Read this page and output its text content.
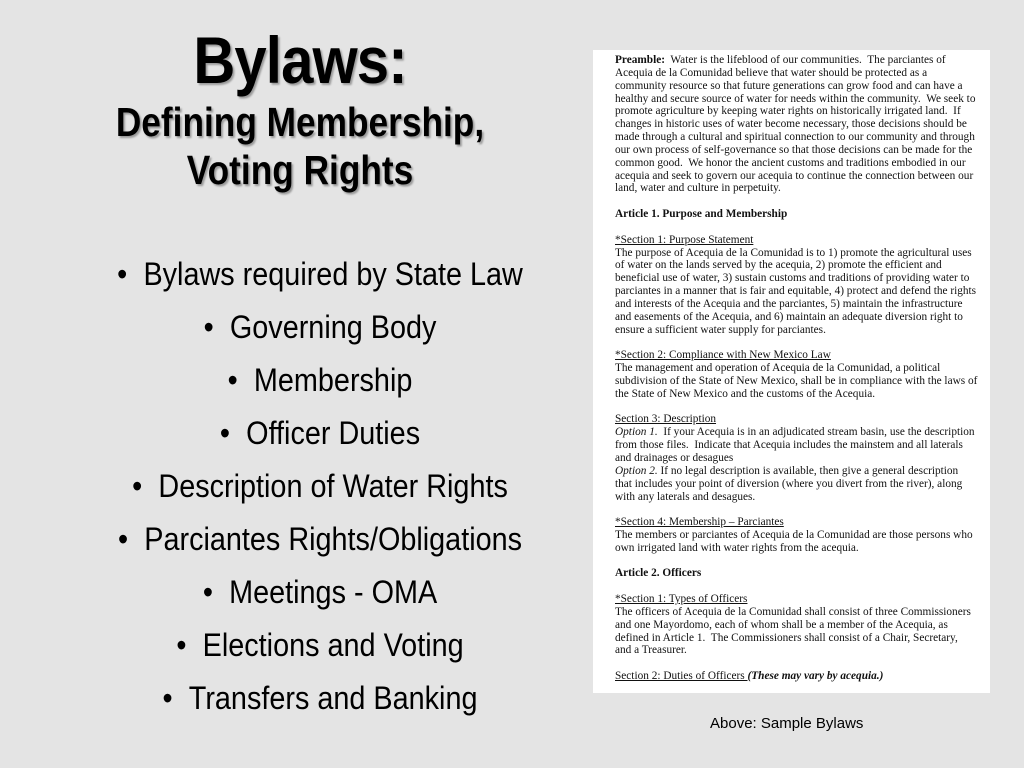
Bylaws:

Defining Membership,

Voting Rights

• Bylaws required by State Law
• Governing Body
• Membership
• Officer Duties
• Description of Water Rights
• Parciantes Rights/Obligations
• Meetings - OMA
• Elections and Voting
• Transfers and Banking
Preamble:  Water is the lifeblood of our communities.  The parciantes of
Acequia de la Comunidad believe that water should be protected as a
community resource so that future generations can grow food and can have a
healthy and secure source of water for needs within the community.  We seek to
promote agriculture by keeping water rights on historically irrigated land.  If
changes in historic uses of water become necessary, those decisions should be
made through a cultural and spiritual connection to our community and through
our own process of self-governance so that those decisions can be made for the
common good.  We honor the ancient customs and traditions embodied in our
acequia and seek to govern our acequia to continue the connection between our
land, water and culture in perpetuity.
Article 1. Purpose and Membership
*Section 1: Purpose Statement
The purpose of Acequia de la Comunidad is to 1) promote the agricultural uses
of water on the lands served by the acequia, 2) promote the efficient and
beneficial use of water, 3) sustain customs and traditions of providing water to
parciantes in a manner that is fair and equitable, 4) protect and defend the rights
and interests of the Acequia and the parciantes, 5) maintain the infrastructure
and easements of the Acequia, and 6) maintain an adequate diversion right to
ensure a sufficient water supply for parciantes.
*Section 2: Compliance with New Mexico Law
The management and operation of Acequia de la Comunidad, a political
subdivision of the State of New Mexico, shall be in compliance with the laws of
the State of New Mexico and the customs of the Acequia.
Section 3: Description
Option 1.  If your Acequia is in an adjudicated stream basin, use the description
from those files.  Indicate that Acequia includes the mainstem and all laterals
and drainages or desagues
Option 2. If no legal description is available, then give a general description
that includes your point of diversion (where you divert from the river), along
with any laterals and desagues.
*Section 4: Membership – Parciantes
The members or parciantes of Acequia de la Comunidad are those persons who
own irrigated land with water rights from the acequia.
Article 2. Officers
*Section 1: Types of Officers
The officers of Acequia de la Comunidad shall consist of three Commissioners
and one Mayordomo, each of whom shall be a member of the Acequia, as
defined in Article 1.  The Commissioners shall consist of a Chair, Secretary,
and a Treasurer.
Section 2: Duties of Officers (These may vary by acequia.)
Above: Sample Bylaws
